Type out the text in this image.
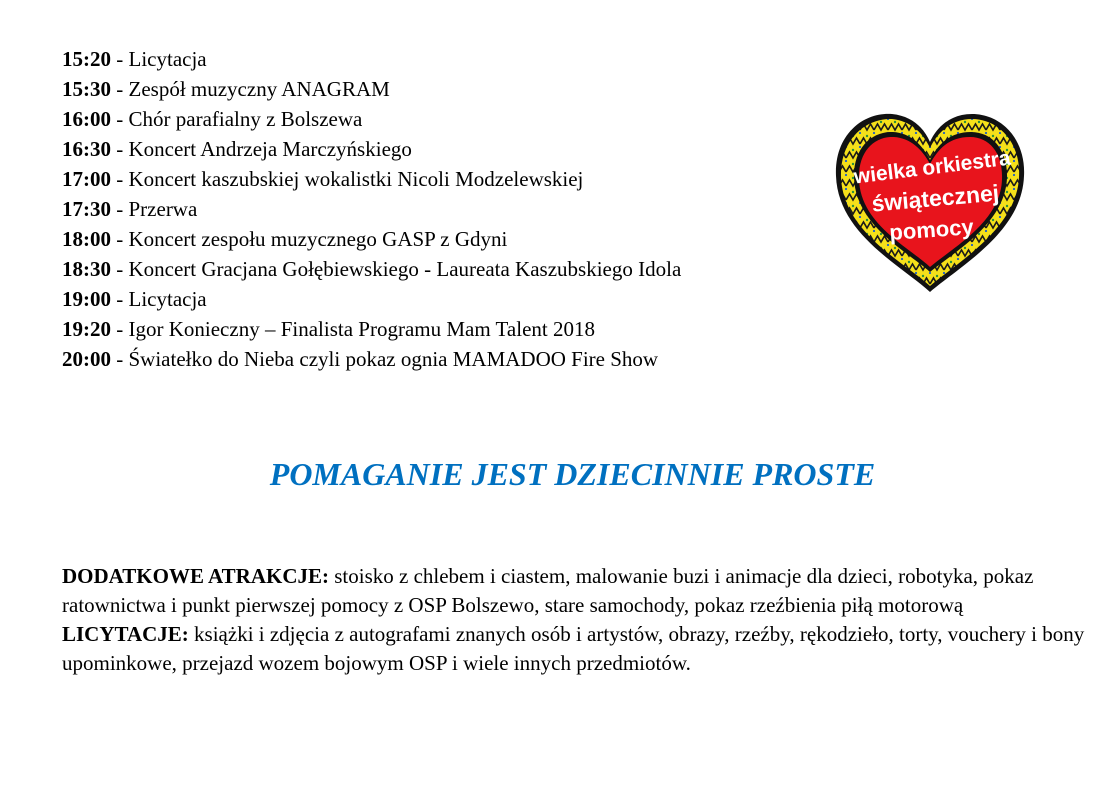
15:20 - Licytacja
15:30 - Zespół muzyczny ANAGRAM
16:00 - Chór parafialny z Bolszewa
16:30 - Koncert Andrzeja Marczyńskiego
17:00 - Koncert kaszubskiej wokalistki Nicoli Modzelewskiej
17:30 - Przerwa
18:00 - Koncert zespołu muzycznego GASP z Gdyni
18:30 - Koncert Gracjana Gołębiewskiego - Laureata Kaszubskiego Idola
19:00 - Licytacja
19:20 - Igor Konieczny – Finalista Programu Mam Talent 2018
20:00 - Światełko do Nieba czyli pokaz ognia MAMADOO Fire Show
wielka orkiestra
świątecznej
pomocy
POMAGANIE JEST DZIECINNIE PROSTE

DODATKOWE ATRAKCJE: stoisko z chlebem i ciastem, malowanie buzi i animacje dla dzieci, robotyka, pokaz ratownictwa i punkt pierwszej pomocy z OSP Bolszewo, stare samochody, pokaz rzeźbienia piłą motorową

LICYTACJE: książki i zdjęcia z autografami znanych osób i artystów, obrazy, rzeźby, rękodzieło, torty, vouchery i bony upominkowe, przejazd wozem bojowym OSP i wiele innych przedmiotów.
